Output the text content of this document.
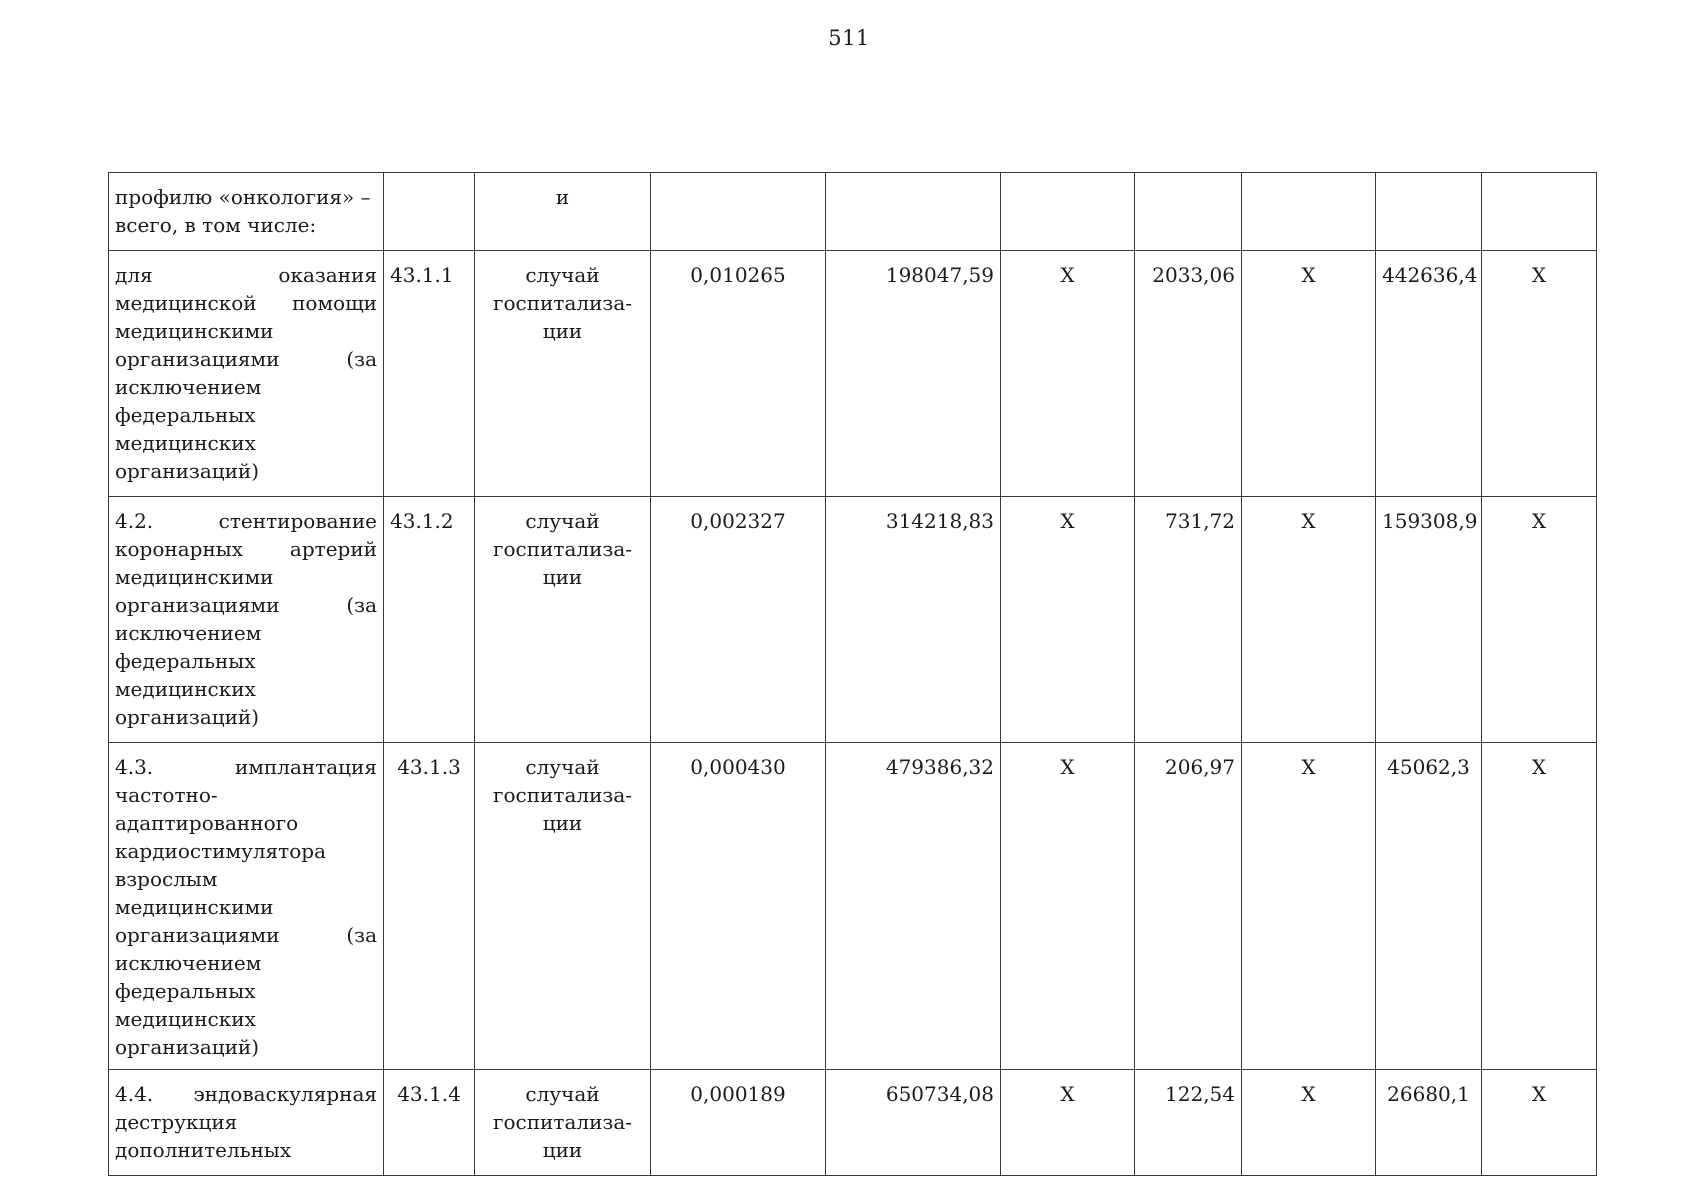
511
профилю «онкология» –
всего, в том числе:		и							
для оказания медицинской помощи медицинскими организациями (за исключением федеральных медицинских организаций)	43.1.1	случай госпитализа-ции	0,010265	198047,59	Х	2033,06	Х	442636,4	Х
4.2. стентирование коронарных артерий медицинскими организациями (за исключением федеральных медицинских организаций)	43.1.2	случай госпитализа-ции	0,002327	314218,83	Х	731,72	Х	159308,9	Х
4.3. имплантация частотно-адаптированного кардиостимулятора взрослым медицинскими организациями (за исключением федеральных медицинских организаций)	43.1.3	случай госпитализа-ции	0,000430	479386,32	Х	206,97	Х	45062,3	Х
4.4. эндоваскулярная деструкция дополнительных	43.1.4	случай госпитализа-ции	0,000189	650734,08	Х	122,54	Х	26680,1	Х
